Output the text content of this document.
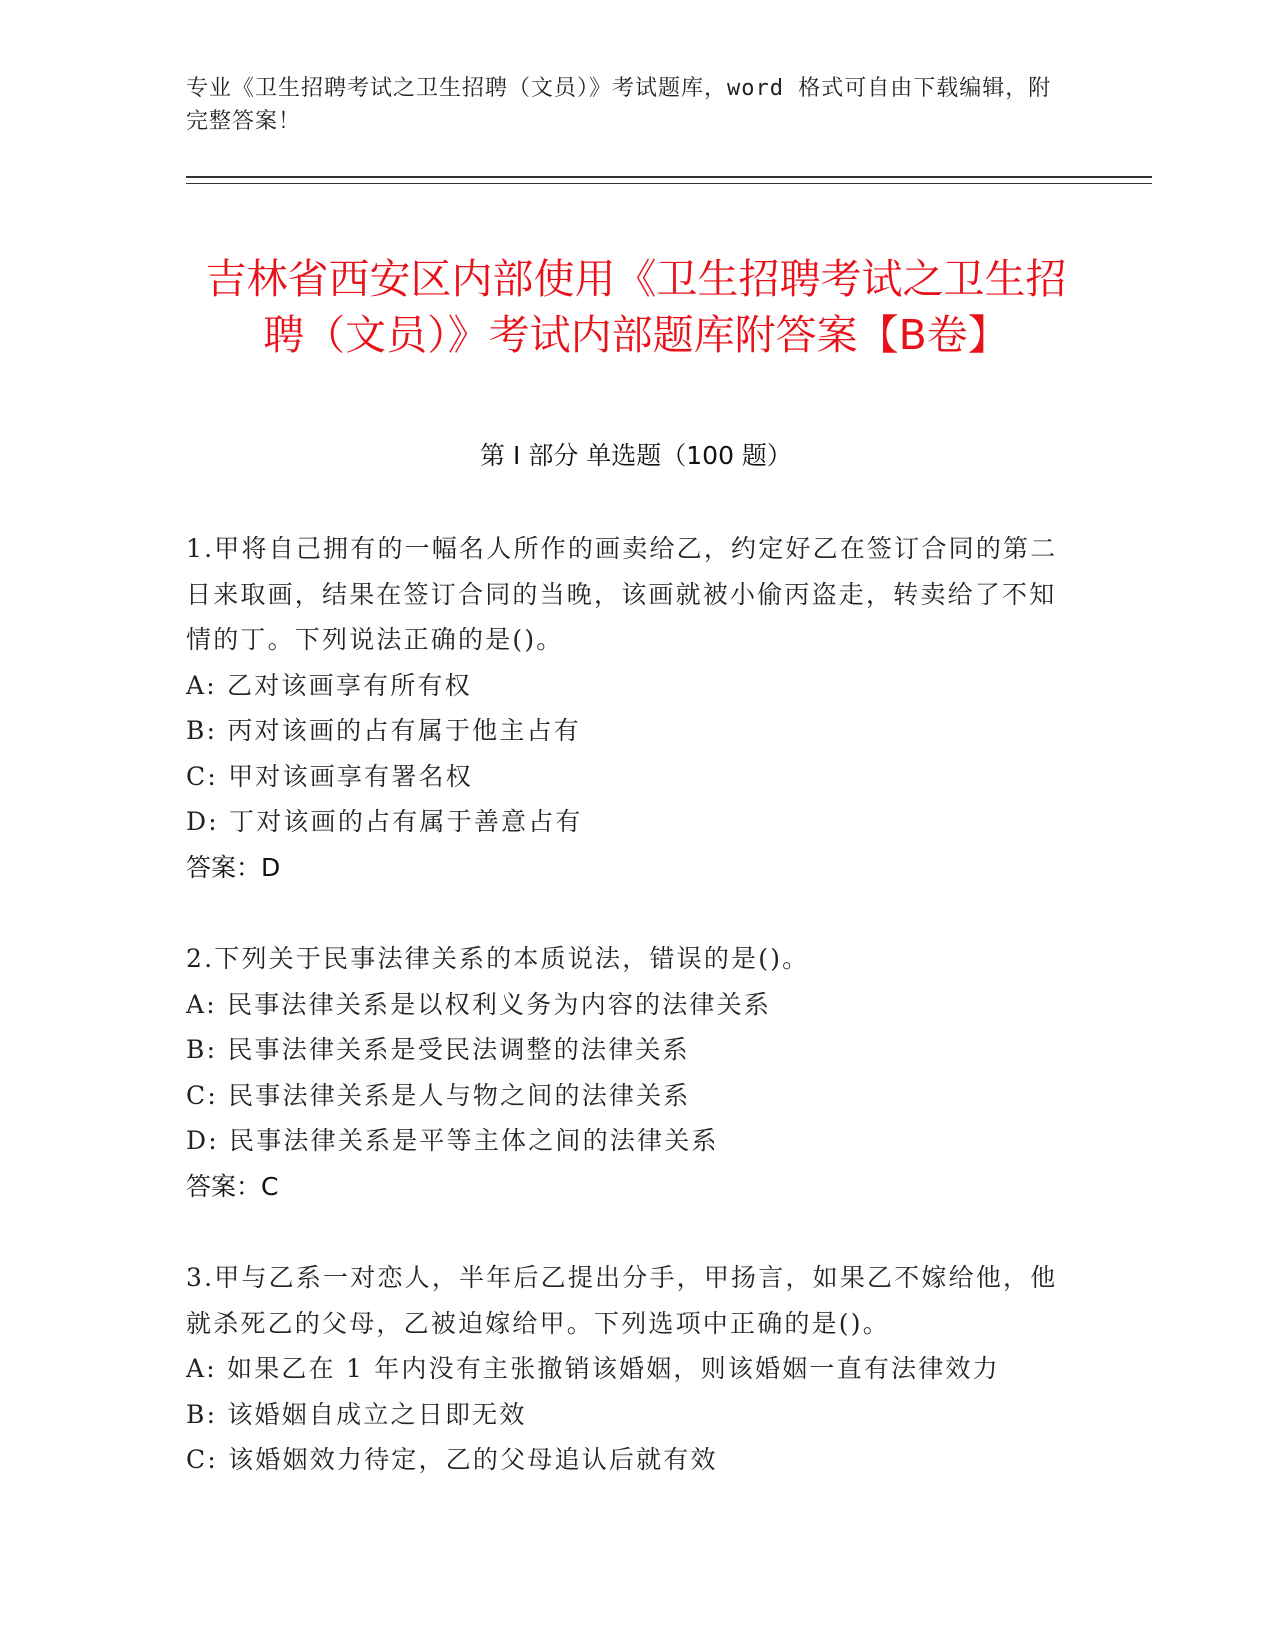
专业《卫生招聘考试之卫生招聘（文员）》考试题库，word 格式可自由下载编辑，附完整答案！
吉林省西安区内部使用《卫生招聘考试之卫生招聘（文员）》考试内部题库附答案【B卷】
第 I 部分 单选题（100 题）
1.甲将自己拥有的一幅名人所作的画卖给乙，约定好乙在签订合同的第二日来取画，结果在签订合同的当晚，该画就被小偷丙盗走，转卖给了不知情的丁。下列说法正确的是()。
A: 乙对该画享有所有权
B: 丙对该画的占有属于他主占有
C: 甲对该画享有署名权
D: 丁对该画的占有属于善意占有
答案：D
2.下列关于民事法律关系的本质说法，错误的是()。
A: 民事法律关系是以权利义务为内容的法律关系
B: 民事法律关系是受民法调整的法律关系
C: 民事法律关系是人与物之间的法律关系
D: 民事法律关系是平等主体之间的法律关系
答案：C
3.甲与乙系一对恋人，半年后乙提出分手，甲扬言，如果乙不嫁给他，他就杀死乙的父母，乙被迫嫁给甲。下列选项中正确的是()。
A: 如果乙在 1 年内没有主张撤销该婚姻，则该婚姻一直有法律效力
B: 该婚姻自成立之日即无效
C: 该婚姻效力待定，乙的父母追认后就有效
